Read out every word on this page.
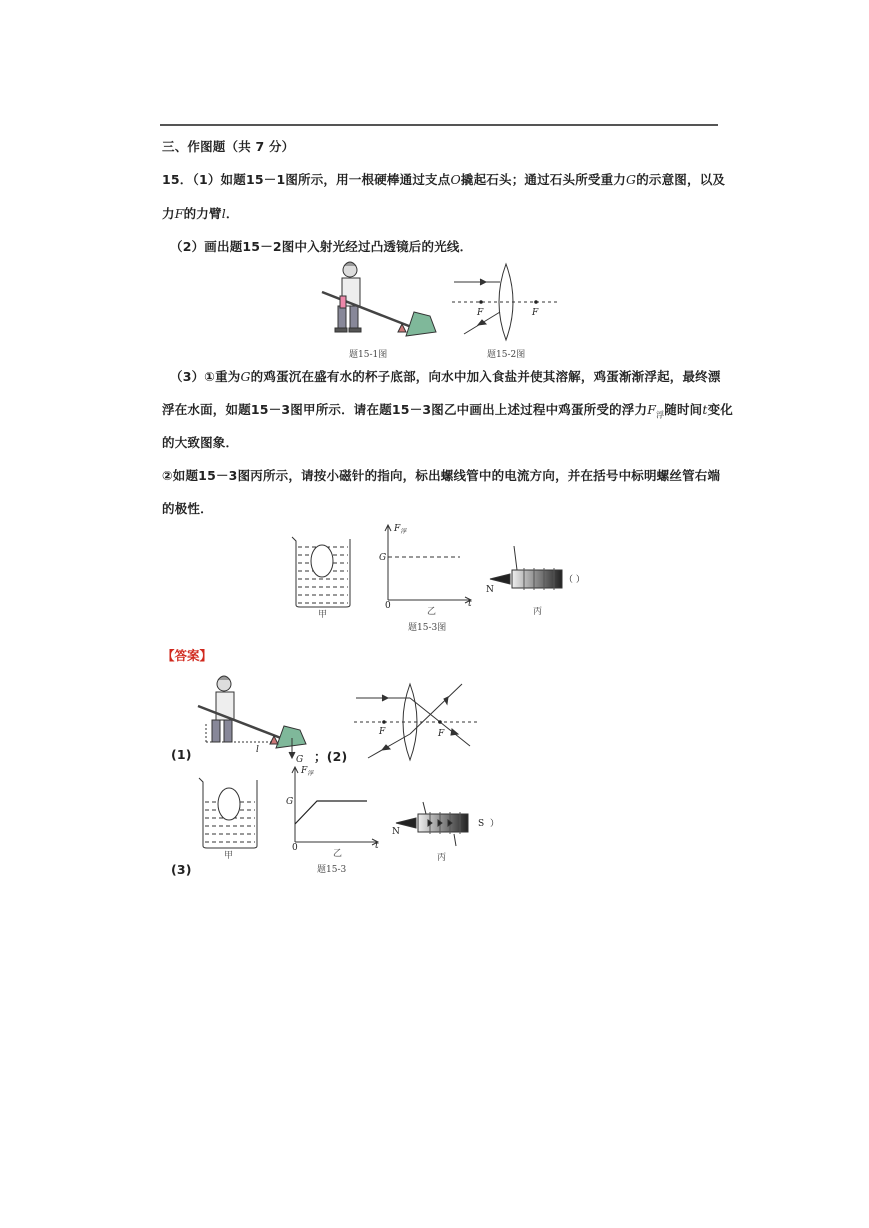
三、作图题（共 7 分）
15．（1）如题15－1图所示，用一根硬棒通过支点O撬起石头；通过石头所受重力G的示意图，以及
力F的力臂l．
（2）画出题15－2图中入射光经过凸透镜后的光线．
题15-1图
F	F
题15-2图
（3）①重为G的鸡蛋沉在盛有水的杯子底部，向水中加入食盐并使其溶解，鸡蛋渐渐浮起，最终漂
浮在水面，如题15－3图甲所示．请在题15－3图乙中画出上述过程中鸡蛋所受的浮力$F_浮$随时间t变化
的大致图象．
②如题15－3图丙所示，请按小磁针的指向，标出螺线管中的电流方向，并在括号中标明螺丝管右端
的极性．
甲
$F_浮$
G
0	t
乙
题15-3图
N
（ ）
丙
【答案】
(1)	l
G ；(2)
F	F
甲
(3)
$F_浮$
G
0	t
乙
题15-3
N
S ）
丙
